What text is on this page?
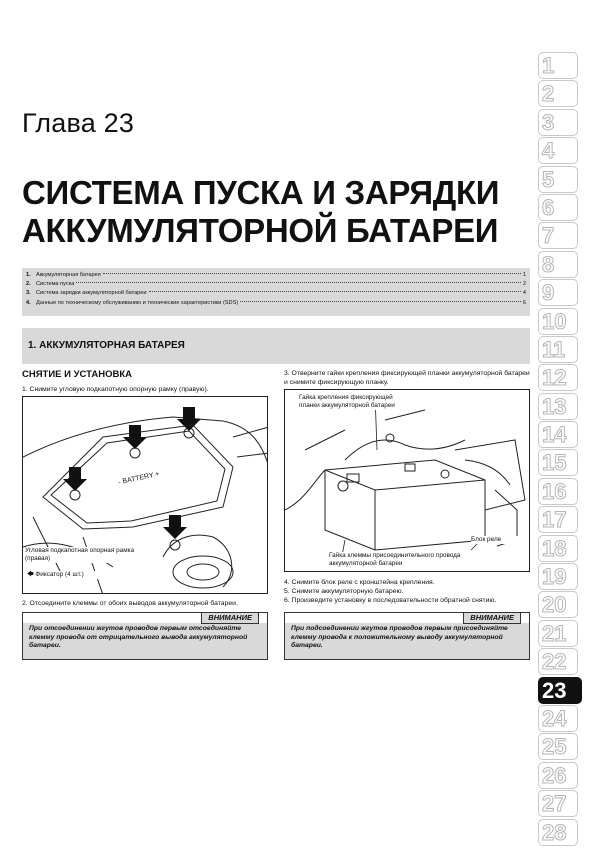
Глава 23
СИСТЕМА ПУСКА И ЗАРЯДКИ
АККУМУЛЯТОРНОЙ БАТАРЕИ
1. Аккумуляторная батарея	1
2. Система пуска	2
3. Система зарядки аккумуляторной батареи	4
4. Данные по техническому обслуживанию и технические характеристики (SDS)	6
1. АККУМУЛЯТОРНАЯ БАТАРЕЯ
СНЯТИЕ И УСТАНОВКА
1. Снимите угловую подкапотную опорную рамку (правую).
- BATTERY +
Угловая подкапотная опорная рамка (правая)
🡄 Фиксатор (4 шт.)
2. Отсоедините клеммы от обоих выводов аккумуляторной батареи.
При отсоединении жгутов проводов первым отсоединяйте клемму провода от отрицательного вывода аккумуляторной батареи.
ВНИМАНИЕ
3. Отверните гайки крепления фиксирующей планки аккумуляторной батареи и снимите фиксирующую планку.
Гайка крепления фиксирующей планки аккумуляторной батареи
Блок реле
Гайка клеммы присоединительного провода аккумуляторной батареи
4. Снимите блок реле с кронштейна крепления.
5. Снимите аккумуляторную батарею.
6. Произведите установку в последовательности обратной снятию.
При подсоединении жгутов проводов первым присоединяйте клемму провода к положительному выводу аккумуляторной батареи.
ВНИМАНИЕ
1
2
3
4
5
6
7
8
9
10
11
12
13
14
15
16
17
18
19
20
21
22
23
24
25
26
27
28
